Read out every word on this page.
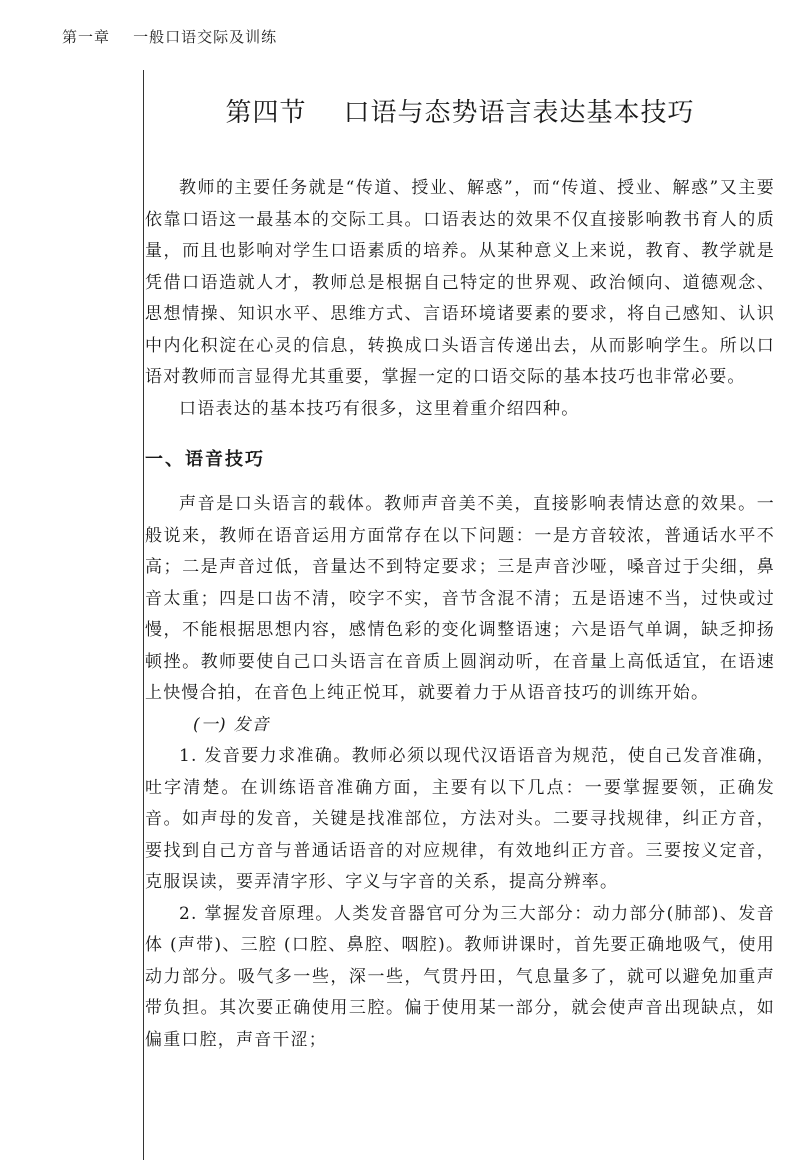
第一章    一般口语交际及训练
第四节    口语与态势语言表达基本技巧

教师的主要任务就是“传道、授业、解惑”，而“传道、授业、解惑”又主要依靠口语这一最基本的交际工具。口语表达的效果不仅直接影响教书育人的质量，而且也影响对学生口语素质的培养。从某种意义上来说，教育、教学就是凭借口语造就人才，教师总是根据自己特定的世界观、政治倾向、道德观念、思想情操、知识水平、思维方式、言语环境诸要素的要求，将自己感知、认识中内化积淀在心灵的信息，转换成口头语言传递出去，从而影响学生。所以口语对教师而言显得尤其重要，掌握一定的口语交际的基本技巧也非常必要。

口语表达的基本技巧有很多，这里着重介绍四种。

一、语音技巧

声音是口头语言的载体。教师声音美不美，直接影响表情达意的效果。一般说来，教师在语音运用方面常存在以下问题：一是方音较浓，普通话水平不高；二是声音过低，音量达不到特定要求；三是声音沙哑，嗓音过于尖细，鼻音太重；四是口齿不清，咬字不实，音节含混不清；五是语速不当，过快或过慢，不能根据思想内容，感情色彩的变化调整语速；六是语气单调，缺乏抑扬顿挫。教师要使自己口头语言在音质上圆润动听，在音量上高低适宜，在语速上快慢合拍，在音色上纯正悦耳，就要着力于从语音技巧的训练开始。

(一) 发音

1. 发音要力求准确。教师必须以现代汉语语音为规范，使自己发音准确，吐字清楚。在训练语音准确方面，主要有以下几点：一要掌握要领，正确发音。如声母的发音，关键是找准部位，方法对头。二要寻找规律，纠正方音，要找到自己方音与普通话语音的对应规律，有效地纠正方音。三要按义定音，克服误读，要弄清字形、字义与字音的关系，提高分辨率。

2. 掌握发音原理。人类发音器官可分为三大部分：动力部分(肺部)、发音体 (声带)、三腔 (口腔、鼻腔、咽腔)。教师讲课时，首先要正确地吸气，使用动力部分。吸气多一些，深一些，气贯丹田，气息量多了，就可以避免加重声带负担。其次要正确使用三腔。偏于使用某一部分，就会使声音出现缺点，如偏重口腔，声音干涩；
